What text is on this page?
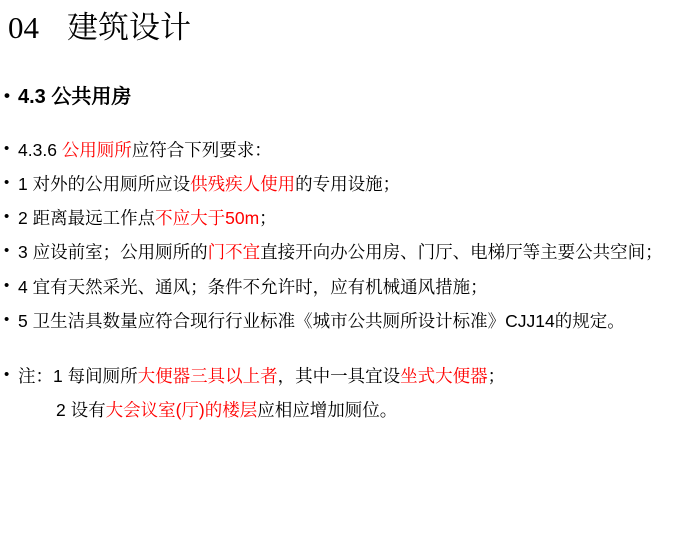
04 建筑设计
• 4.3 公共用房
• 4.3.6 公用厕所应符合下列要求：
• 1 对外的公用厕所应设供残疾人使用的专用设施；
• 2 距离最远工作点不应大于50m；
• 3 应设前室；公用厕所的门不宜直接开向办公用房、门厅、电梯厅等主要公共空间；
• 4 宜有天然采光、通风；条件不允许时，应有机械通风措施；
• 5 卫生洁具数量应符合现行行业标准《城市公共厕所设计标准》CJJ14的规定。
• 注：1 每间厕所大便器三具以上者，其中一具宜设坐式大便器；
2 设有大会议室(厅)的楼层应相应增加厕位。
